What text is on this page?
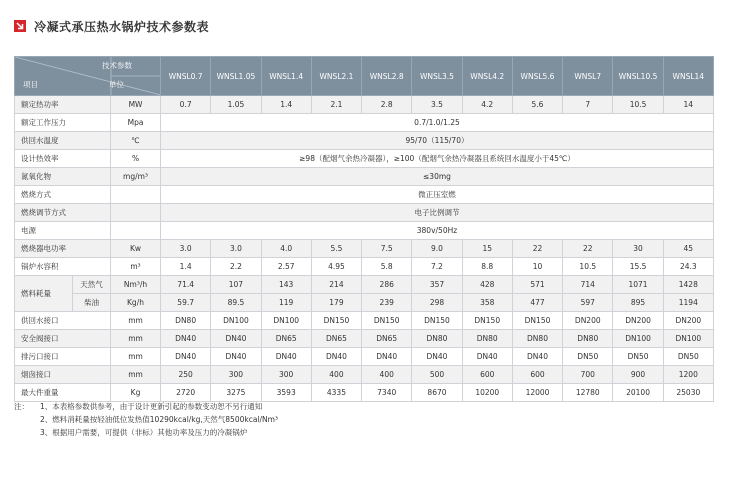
冷凝式承压热水锅炉技术参数表
技术参数
单位
项目			WNSL0.7	WNSL1.05	WNSL1.4	WNSL2.1	WNSL2.8	WNSL3.5	WNSL4.2	WNSL5.6	WNSL7	WNSL10.5	WNSL14
额定热功率		MW	0.7	1.05	1.4	2.1	2.8	3.5	4.2	5.6	7	10.5	14
额定工作压力		Mpa	0.7/1.0/1.25										
供回水温度		℃	95/70（115/70）										
设计热效率		%	≥98（配烟气余热冷凝器），≥100（配烟气余热冷凝器且系统回水温度小于45℃）										
氮氧化物		mg/m³	≤30mg										
燃烧方式			微正压室燃										
燃烧调节方式			电子比例调节										
电源			380v/50Hz										
燃烧器电功率		Kw	3.0	3.0	4.0	5.5	7.5	9.0	15	22	22	30	45
锅炉水容积		m³	1.4	2.2	2.57	4.95	5.8	7.2	8.8	10	10.5	15.5	24.3
燃料耗量	天然气	Nm³/h	71.4	107	143	214	286	357	428	571	714	1071	1428
	柴油	Kg/h	59.7	89.5	119	179	239	298	358	477	597	895	1194
供回水接口		mm	DN80	DN100	DN100	DN150	DN150	DN150	DN150	DN150	DN200	DN200	DN200
安全阀接口		mm	DN40	DN40	DN65	DN65	DN65	DN80	DN80	DN80	DN80	DN100	DN100
排污口接口		mm	DN40	DN40	DN40	DN40	DN40	DN40	DN40	DN40	DN50	DN50	DN50
烟囱接口		mm	250	300	300	400	400	500	600	600	700	900	1200
最大件重量		Kg	2720	3275	3593	4335	7340	8670	10200	12000	12780	20100	25030
注：	1、本表格参数供参考，由于设计更新引起的参数变动恕不另行通知
2、燃料消耗量按轻油低位发热值10290kcal/kg,天然气8500kcal/Nm³
3、根据用户需要，可提供（非标）其他功率及压力的冷凝锅炉
